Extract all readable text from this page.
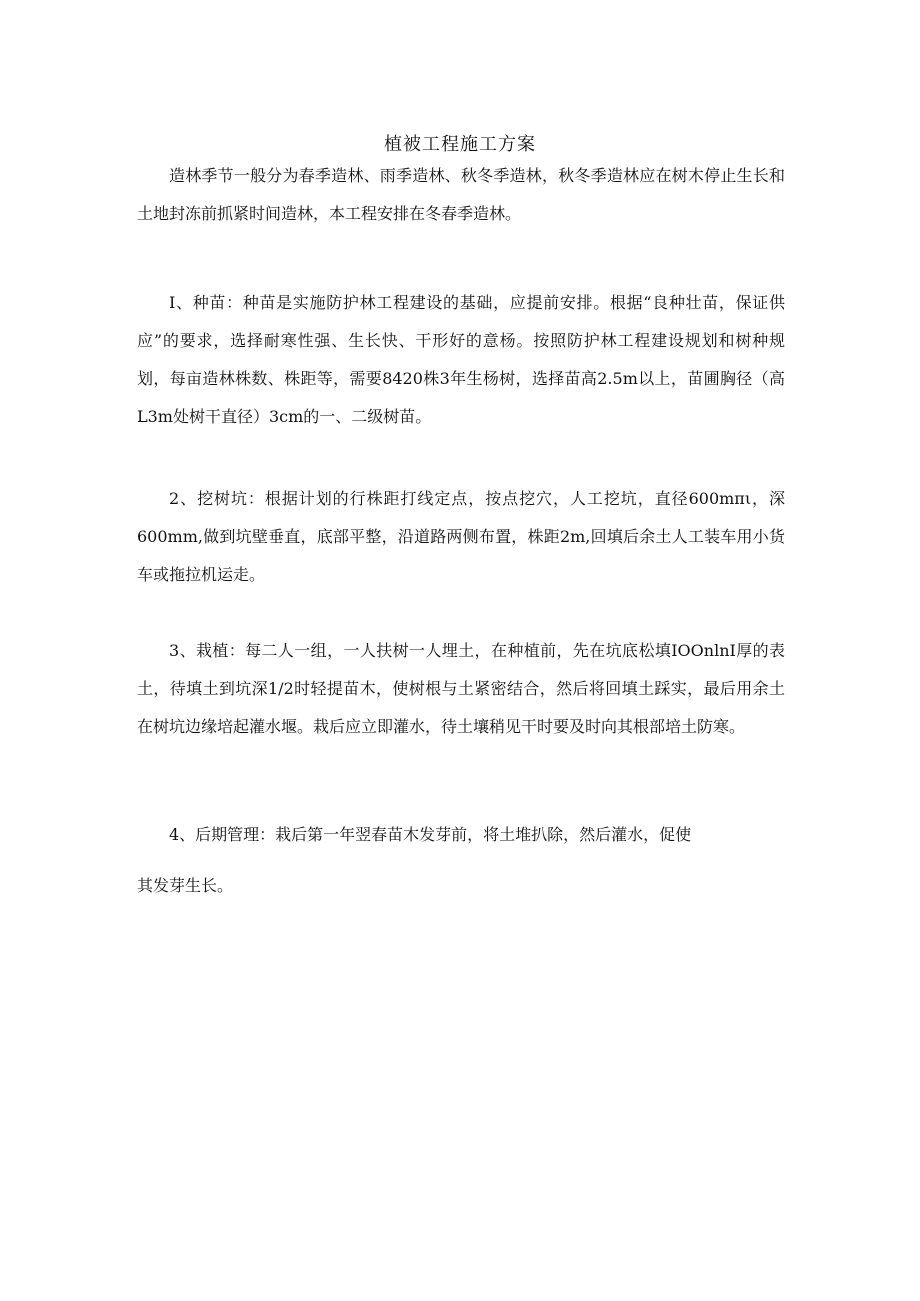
植被工程施工方案

造林季节一般分为春季造林、雨季造林、秋冬季造林，秋冬季造林应在树木停止生长和土地封冻前抓紧时间造林，本工程安排在冬春季造林。

I、种苗：种苗是实施防护林工程建设的基础，应提前安排。根据“良种壮苗，保证供应”的要求，选择耐寒性强、生长快、干形好的意杨。按照防护林工程建设规划和树种规划，每亩造林株数、株距等，需要8420株3年生杨树，选择苗高2.5m以上，苗圃胸径（高L3m处树干直径）3cm的一、二级树苗。

2、挖树坑：根据计划的行株距打线定点，按点挖穴，人工挖坑，直径600mπι，深600mm,做到坑壁垂直，底部平整，沿道路两侧布置，株距2m,回填后余土人工装车用小货车或拖拉机运走。

3、栽植：每二人一组，一人扶树一人埋土，在种植前，先在坑底松填IOOnlnI厚的表土，待填土到坑深1/2时轻提苗木，使树根与土紧密结合，然后将回填土踩实，最后用余土在树坑边缘培起灌水堰。栽后应立即灌水，待土壤稍见干时要及时向其根部培土防寒。

4、后期管理：栽后第一年翌春苗木发芽前，将土堆扒除，然后灌水，促使

其发芽生长。
